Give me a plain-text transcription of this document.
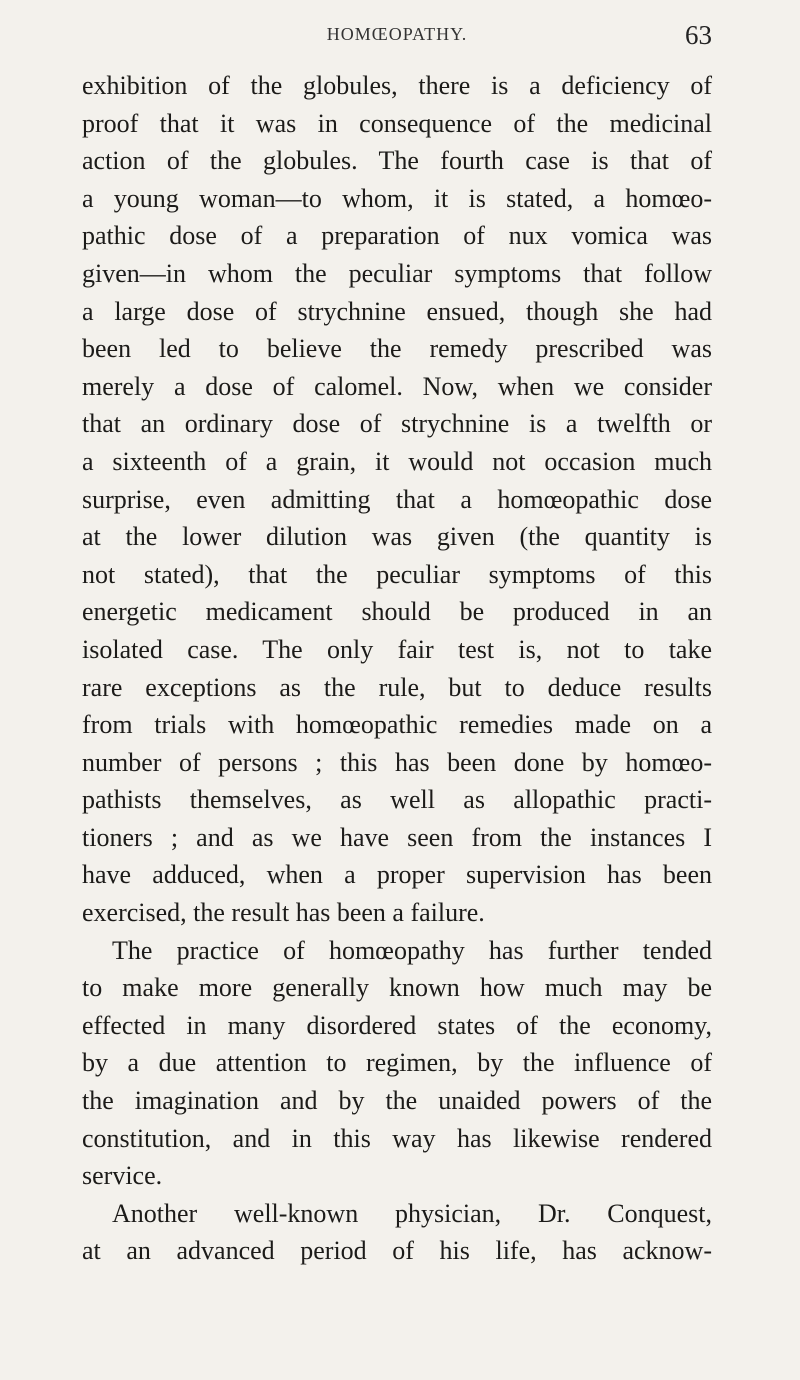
HOMŒOPATHY.	63
exhibition of the globules, there is a deficiency of
proof that it was in consequence of the medicinal
action of the globules. The fourth case is that of
a young woman—to whom, it is stated, a homœo-
pathic dose of a preparation of nux vomica was
given—in whom the peculiar symptoms that follow
a large dose of strychnine ensued, though she had
been led to believe the remedy prescribed was
merely a dose of calomel. Now, when we consider
that an ordinary dose of strychnine is a twelfth or
a sixteenth of a grain, it would not occasion much
surprise, even admitting that a homœopathic dose
at the lower dilution was given (the quantity is
not stated), that the peculiar symptoms of this
energetic medicament should be produced in an
isolated case. The only fair test is, not to take
rare exceptions as the rule, but to deduce results
from trials with homœopathic remedies made on a
number of persons ; this has been done by homœo-
pathists themselves, as well as allopathic practi-
tioners ; and as we have seen from the instances I
have adduced, when a proper supervision has been
exercised, the result has been a failure.
The practice of homœopathy has further tended
to make more generally known how much may be
effected in many disordered states of the economy,
by a due attention to regimen, by the influence of
the imagination and by the unaided powers of the
constitution, and in this way has likewise rendered
service.
Another well-known physician, Dr. Conquest,
at an advanced period of his life, has acknow-
